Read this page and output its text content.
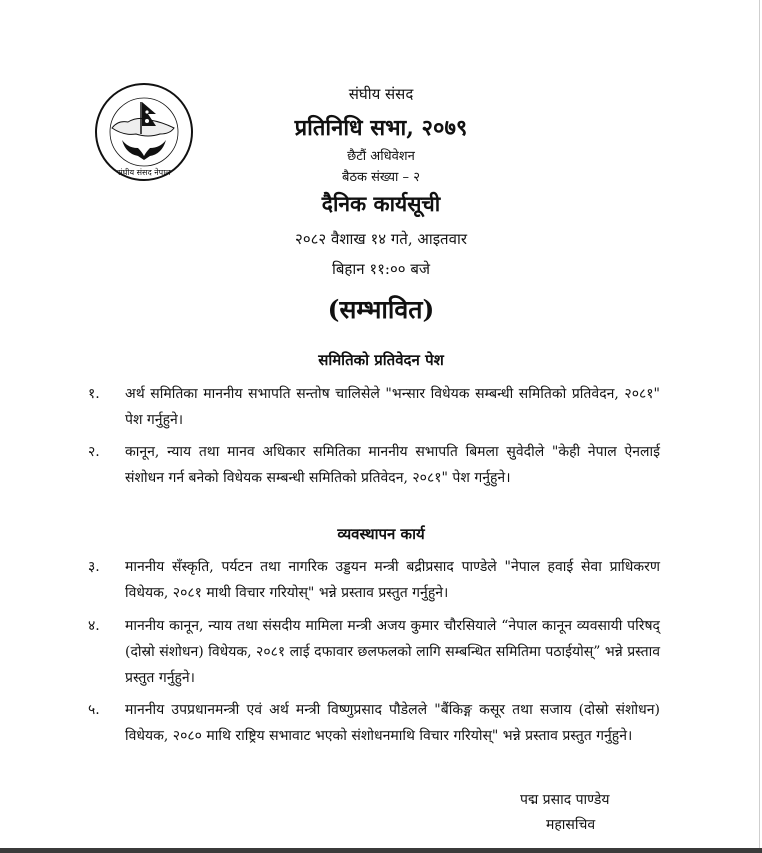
संघीय संसद नेपाल
संघीय संसद
प्रतिनिधि सभा, २०७९
छैटौं अधिवेशन
बैठक संख्या – २
दैनिक कार्यसूची
२०८२ वैशाख १४ गते, आइतवार
बिहान ११:०० बजे
(सम्भावित)
समितिको प्रतिवेदन पेश
१.	अर्थ समितिका माननीय सभापति सन्तोष चालिसेले "भन्सार विधेयक सम्बन्धी समितिको प्रतिवेदन, २०८१" पेश गर्नुहुने।
२.	कानून, न्याय तथा मानव अधिकार समितिका माननीय सभापति बिमला सुवेदीले "केही नेपाल ऐनलाई संशोधन गर्न बनेको विधेयक सम्बन्धी समितिको प्रतिवेदन, २०८१" पेश गर्नुहुने।
व्यवस्थापन कार्य
३.	माननीय सँस्कृति, पर्यटन तथा नागरिक उड्डयन मन्त्री बद्रीप्रसाद पाण्डेले "नेपाल हवाई सेवा प्राधिकरण विधेयक, २०८१ माथी विचार गरियोस्" भन्ने प्रस्ताव प्रस्तुत गर्नुहुने।
४.	माननीय कानून, न्याय तथा संसदीय मामिला मन्त्री अजय कुमार चौरसियाले “नेपाल कानून व्यवसायी परिषद् (दोस्रो संशोधन) विधेयक, २०८१ लाई दफावार छलफलको लागि सम्बन्धित समितिमा पठाईयोस्” भन्ने प्रस्ताव प्रस्तुत गर्नुहुने।
५.	माननीय उपप्रधानमन्त्री एवं अर्थ मन्त्री विष्णुप्रसाद पौडेलले "बैंकिङ्ग कसूर तथा सजाय (दोस्रो संशोधन) विधेयक, २०८० माथि राष्ट्रिय सभावाट भएको संशोधनमाथि विचार गरियोस्" भन्ने प्रस्ताव प्रस्तुत गर्नुहुने।
पद्म प्रसाद पाण्डेय
महासचिव
